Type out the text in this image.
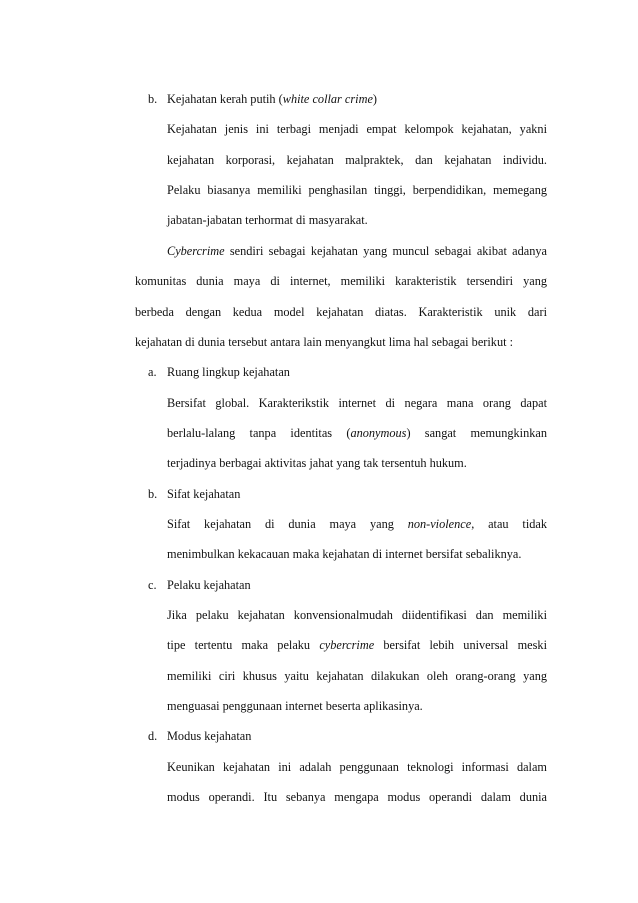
b. Kejahatan kerah putih (white collar crime)
Kejahatan jenis ini terbagi menjadi empat kelompok kejahatan, yakni
kejahatan korporasi, kejahatan malpraktek, dan kejahatan individu.
Pelaku biasanya memiliki penghasilan tinggi, berpendidikan, memegang
jabatan-jabatan terhormat di masyarakat.
Cybercrime sendiri sebagai kejahatan yang muncul sebagai akibat adanya
komunitas dunia maya di internet, memiliki karakteristik tersendiri yang
berbeda dengan kedua model kejahatan diatas. Karakteristik unik dari
kejahatan di dunia tersebut antara lain menyangkut lima hal sebagai berikut :
a. Ruang lingkup kejahatan
Bersifat global. Karakterikstik internet di negara mana orang dapat
berlalu-lalang tanpa identitas (anonymous) sangat memungkinkan
terjadinya berbagai aktivitas jahat yang tak tersentuh hukum.
b. Sifat kejahatan
Sifat kejahatan di dunia maya yang non-violence, atau tidak
menimbulkan kekacauan maka kejahatan di internet bersifat sebaliknya.
c. Pelaku kejahatan
Jika pelaku kejahatan konvensionalmudah diidentifikasi dan memiliki
tipe tertentu maka pelaku cybercrime bersifat lebih universal meski
memiliki ciri khusus yaitu kejahatan dilakukan oleh orang-orang yang
menguasai penggunaan internet beserta aplikasinya.
d. Modus kejahatan
Keunikan kejahatan ini adalah penggunaan teknologi informasi dalam
modus operandi. Itu sebanya mengapa modus operandi dalam dunia
